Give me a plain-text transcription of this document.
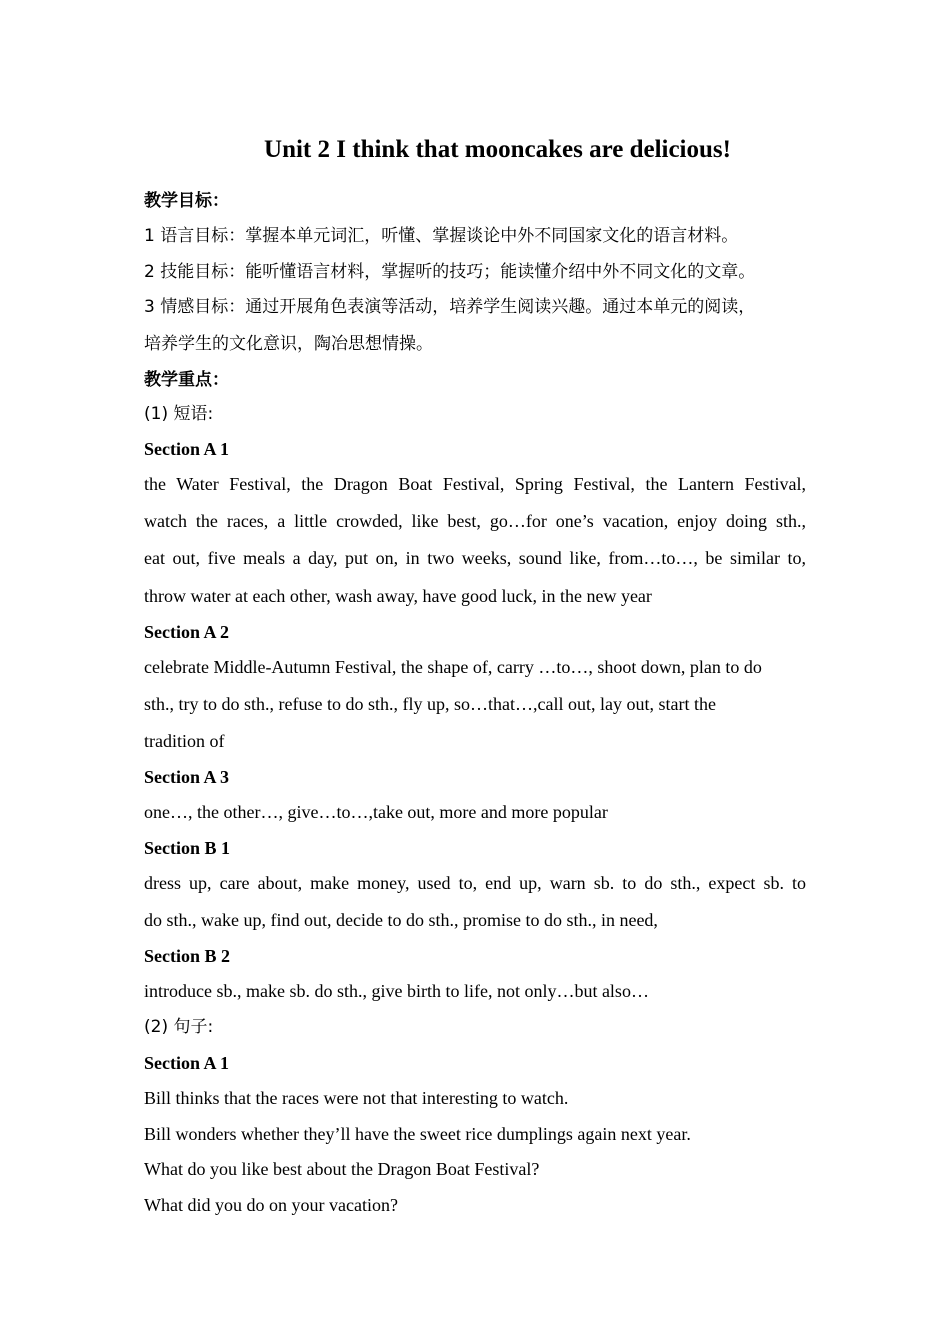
Unit 2 I think that mooncakes are delicious!
教学目标：
1 语言目标：掌握本单元词汇，听懂、掌握谈论中外不同国家文化的语言材料。
2 技能目标：能听懂语言材料，掌握听的技巧；能读懂介绍中外不同文化的文章。
3 情感目标：通过开展角色表演等活动，培养学生阅读兴趣。通过本单元的阅读，
培养学生的文化意识，陶冶思想情操。
教学重点：
(1) 短语:
Section A 1
the Water Festival, the Dragon Boat Festival, Spring Festival, the Lantern Festival,
watch the races, a little crowded, like best, go…for one’s vacation, enjoy doing sth.,
eat out, five meals a day, put on, in two weeks, sound like, from…to…, be similar to,
throw water at each other, wash away, have good luck, in the new year
Section A 2
celebrate Middle-Autumn Festival, the shape of, carry …to…, shoot down, plan to do
sth., try to do sth., refuse to do sth., fly up, so…that…,call out, lay out, start the
tradition of
Section A 3
one…, the other…, give…to…,take out, more and more popular
Section B 1
dress up, care about, make money, used to, end up, warn sb. to do sth., expect sb. to
do sth., wake up, find out, decide to do sth., promise to do sth., in need,
Section B 2
introduce sb., make sb. do sth., give birth to life, not only…but also…
(2) 句子:
Section A 1
Bill thinks that the races were not that interesting to watch.
Bill wonders whether they’ll have the sweet rice dumplings again next year.
What do you like best about the Dragon Boat Festival?
What did you do on your vacation?
